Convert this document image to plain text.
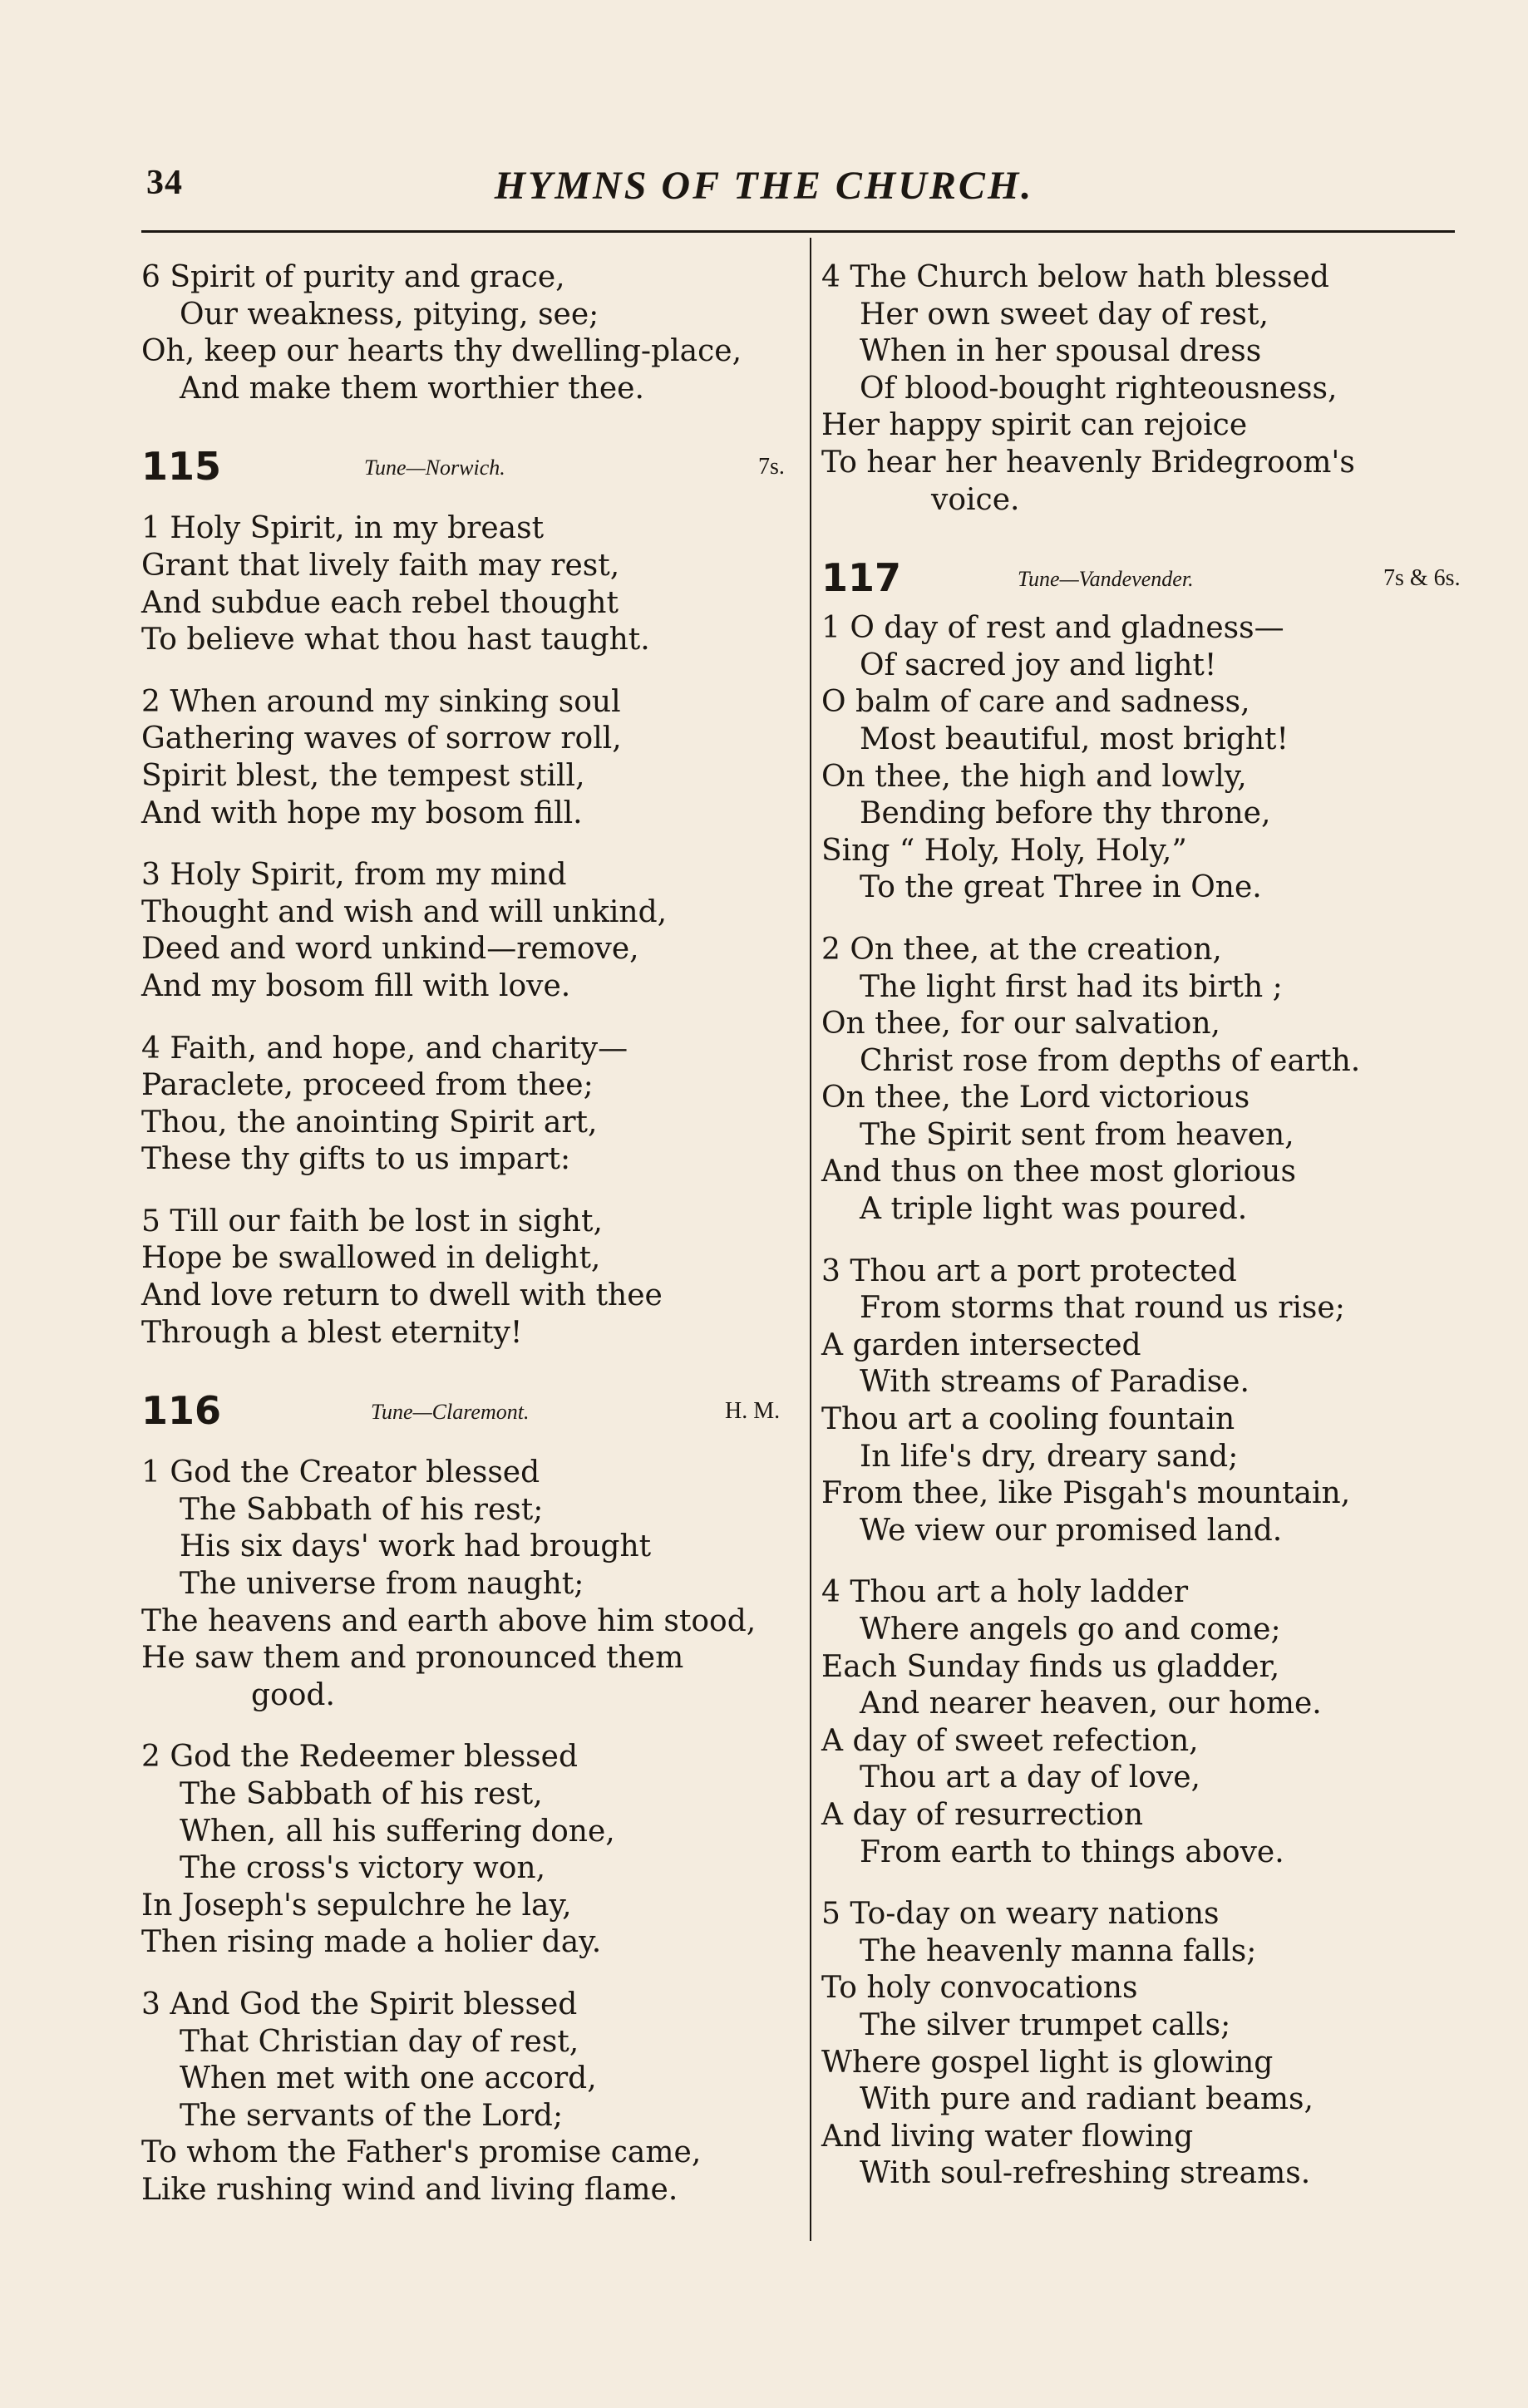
34	HYMNS OF THE CHURCH.
6 Spirit of purity and grace,
Our weakness, pitying, see;
Oh, keep our hearts thy dwelling-place,
And make them worthier thee.
115	Tune—Norwich.	7s.
1 Holy Spirit, in my breast
Grant that lively faith may rest,
And subdue each rebel thought
To believe what thou hast taught.
2 When around my sinking soul
Gathering waves of sorrow roll,
Spirit blest, the tempest still,
And with hope my bosom fill.
3 Holy Spirit, from my mind
Thought and wish and will unkind,
Deed and word unkind—remove,
And my bosom fill with love.
4 Faith, and hope, and charity—
Paraclete, proceed from thee;
Thou, the anointing Spirit art,
These thy gifts to us impart:
5 Till our faith be lost in sight,
Hope be swallowed in delight,
And love return to dwell with thee
Through a blest eternity!
116	Tune—Claremont.	H. M.
1 God the Creator blessed
The Sabbath of his rest;
His six days' work had brought
The universe from naught;
The heavens and earth above him stood,
He saw them and pronounced them
good.
2 God the Redeemer blessed
The Sabbath of his rest,
When, all his suffering done,
The cross's victory won,
In Joseph's sepulchre he lay,
Then rising made a holier day.
3 And God the Spirit blessed
That Christian day of rest,
When met with one accord,
The servants of the Lord;
To whom the Father's promise came,
Like rushing wind and living flame.
4 The Church below hath blessed
Her own sweet day of rest,
When in her spousal dress
Of blood-bought righteousness,
Her happy spirit can rejoice
To hear her heavenly Bridegroom's
voice.
117	Tune—Vandevender.	7s & 6s.
1 O day of rest and gladness—
Of sacred joy and light!
O balm of care and sadness,
Most beautiful, most bright!
On thee, the high and lowly,
Bending before thy throne,
Sing “ Holy, Holy, Holy,”
To the great Three in One.
2 On thee, at the creation,
The light first had its birth ;
On thee, for our salvation,
Christ rose from depths of earth.
On thee, the Lord victorious
The Spirit sent from heaven,
And thus on thee most glorious
A triple light was poured.
3 Thou art a port protected
From storms that round us rise;
A garden intersected
With streams of Paradise.
Thou art a cooling fountain
In life's dry, dreary sand;
From thee, like Pisgah's mountain,
We view our promised land.
4 Thou art a holy ladder
Where angels go and come;
Each Sunday finds us gladder,
And nearer heaven, our home.
A day of sweet refection,
Thou art a day of love,
A day of resurrection
From earth to things above.
5 To-day on weary nations
The heavenly manna falls;
To holy convocations
The silver trumpet calls;
Where gospel light is glowing
With pure and radiant beams,
And living water flowing
With soul-refreshing streams.
